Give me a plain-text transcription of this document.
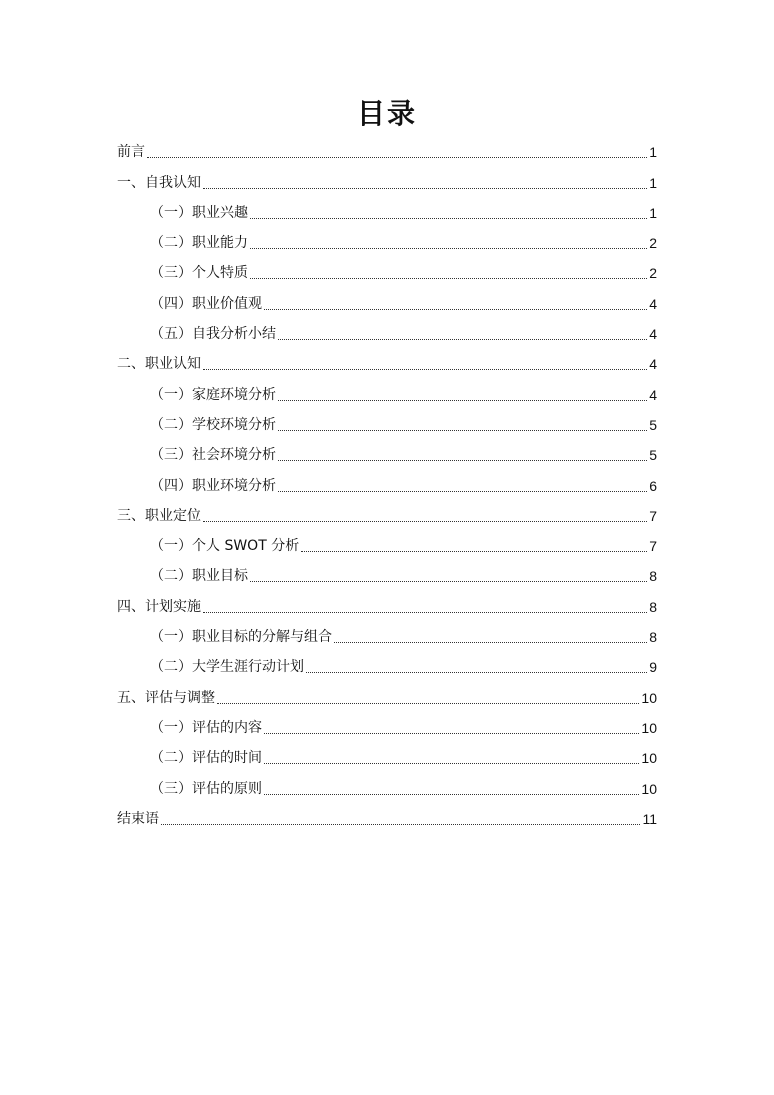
目录
前言	1
一、自我认知	1
（一）职业兴趣	1
（二）职业能力	2
（三）个人特质	2
（四）职业价值观	4
（五）自我分析小结	4
二、职业认知	4
（一）家庭环境分析	4
（二）学校环境分析	5
（三）社会环境分析	5
（四）职业环境分析	6
三、职业定位	7
（一）个人 SWOT 分析	7
（二）职业目标	8
四、计划实施	8
（一）职业目标的分解与组合	8
（二）大学生涯行动计划	9
五、评估与调整	10
（一）评估的内容	10
（二）评估的时间	10
（三）评估的原则	10
结束语	11
